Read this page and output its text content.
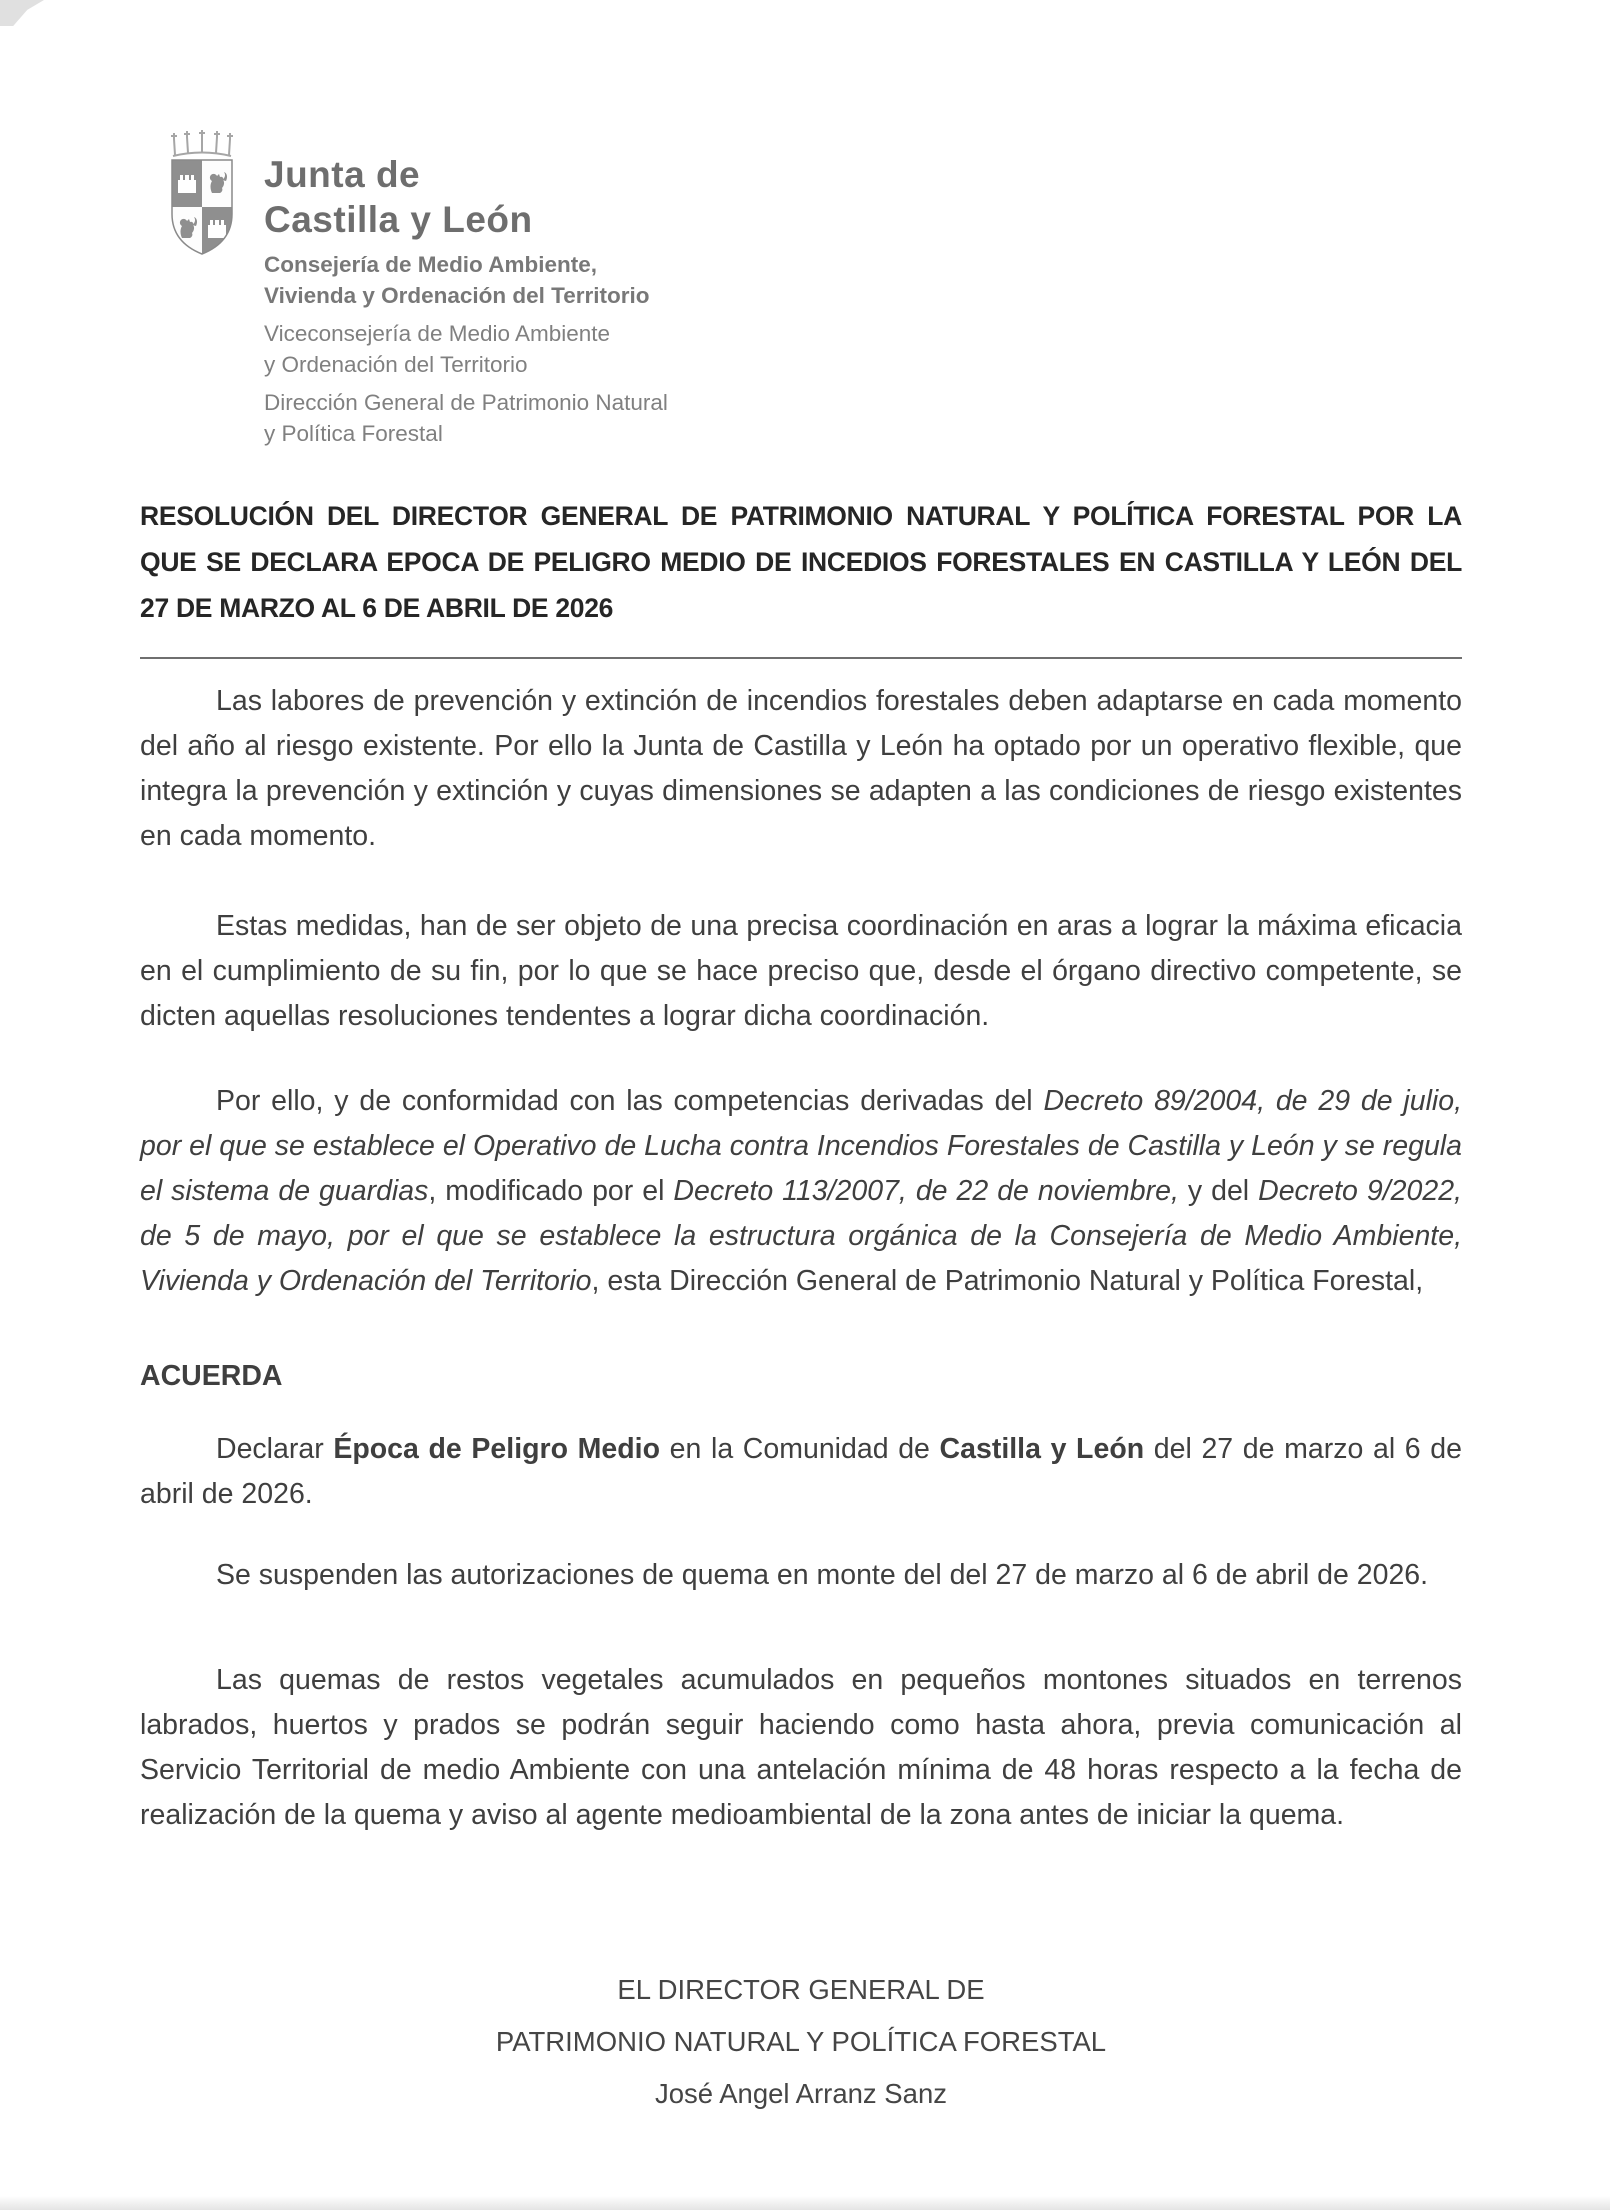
Junta de
Castilla y León
Consejería de Medio Ambiente,
Vivienda y Ordenación del Territorio
Viceconsejería de Medio Ambiente
y Ordenación del Territorio
Dirección General de Patrimonio Natural
y Política Forestal
RESOLUCIÓN DEL DIRECTOR GENERAL DE PATRIMONIO NATURAL Y POLÍTICA FORESTAL POR LA
QUE SE DECLARA EPOCA DE PELIGRO MEDIO DE INCEDIOS FORESTALES EN CASTILLA Y LEÓN DEL
27 DE MARZO AL 6 DE ABRIL DE 2026

Las labores de prevención y extinción de incendios forestales deben adaptarse en cada momento del año al riesgo existente. Por ello la Junta de Castilla y León ha optado por un operativo flexible, que integra la prevención y extinción y cuyas dimensiones se adapten a las condiciones de riesgo existentes en cada momento.

Estas medidas, han de ser objeto de una precisa coordinación en aras a lograr la máxima eficacia en el cumplimiento de su fin, por lo que se hace preciso que, desde el órgano directivo competente, se dicten aquellas resoluciones tendentes a lograr dicha coordinación.

Por ello, y de conformidad con las competencias derivadas del Decreto 89/2004, de 29 de julio, por el que se establece el Operativo de Lucha contra Incendios Forestales de Castilla y León y se regula el sistema de guardias, modificado por el Decreto 113/2007, de 22 de noviembre, y del Decreto 9/2022, de 5 de mayo, por el que se establece la estructura orgánica de la Consejería de Medio Ambiente, Vivienda y Ordenación del Territorio, esta Dirección General de Patrimonio Natural y Política Forestal,

ACUERDA

Declarar Época de Peligro Medio en la Comunidad de Castilla y León del 27 de marzo al 6 de abril de 2026.

Se suspenden las autorizaciones de quema en monte del del 27 de marzo al 6 de abril de 2026.

Las quemas de restos vegetales acumulados en pequeños montones situados en terrenos labrados, huertos y prados se podrán seguir haciendo como hasta ahora, previa comunicación al Servicio Territorial de medio Ambiente con una antelación mínima de 48 horas respecto a la fecha de realización de la quema y aviso al agente medioambiental de la zona antes de iniciar la quema.

EL DIRECTOR GENERAL DE
PATRIMONIO NATURAL Y POLÍTICA FORESTAL
José Angel Arranz Sanz
